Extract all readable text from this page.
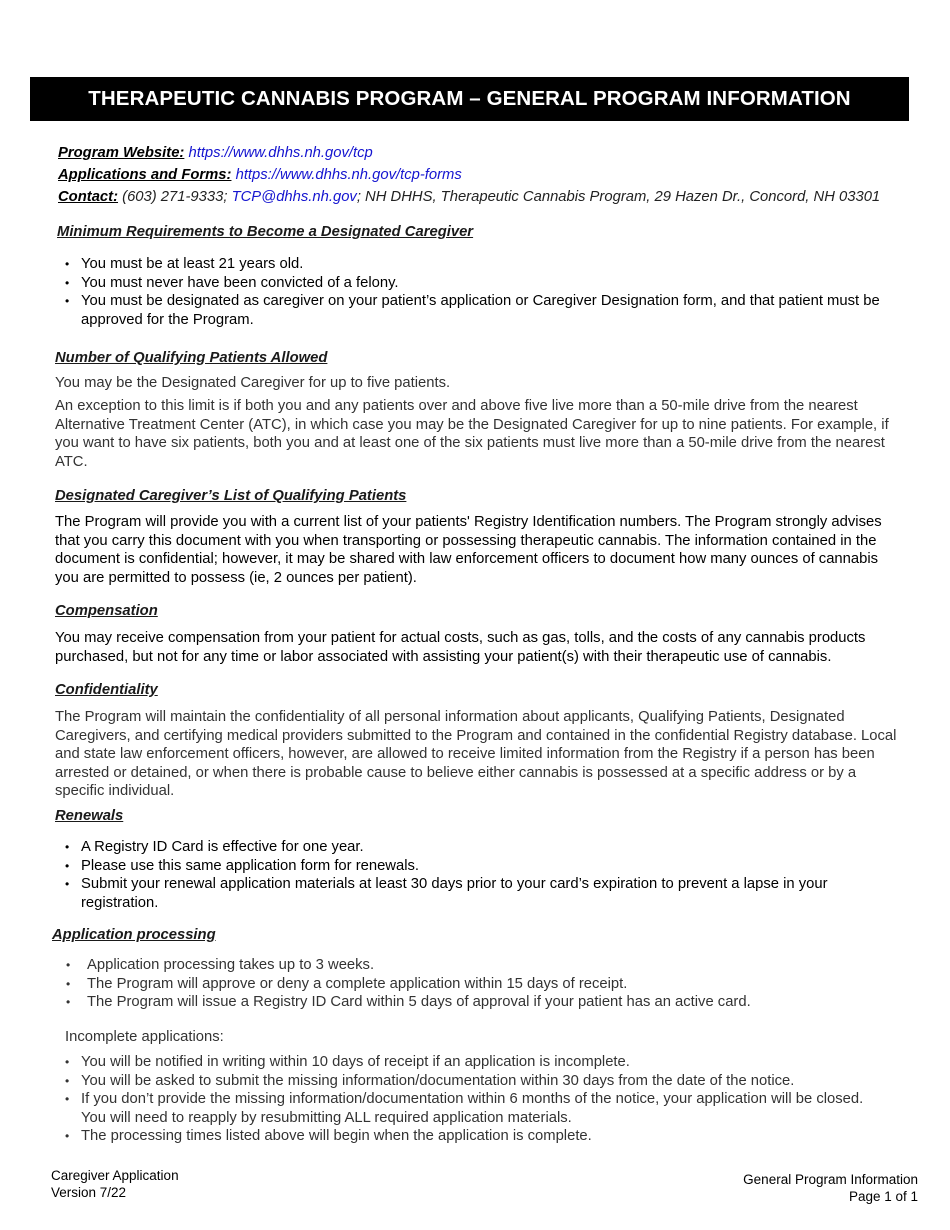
THERAPEUTIC CANNABIS PROGRAM – GENERAL PROGRAM INFORMATION
Program Website: https://www.dhhs.nh.gov/tcp
Applications and Forms: https://www.dhhs.nh.gov/tcp-forms
Contact: (603) 271-9333; TCP@dhhs.nh.gov; NH DHHS, Therapeutic Cannabis Program, 29 Hazen Dr., Concord, NH 03301
Minimum Requirements to Become a Designated Caregiver
• You must be at least 21 years old.
• You must never have been convicted of a felony.
• You must be designated as caregiver on your patient’s application or Caregiver Designation form, and that patient must be approved for the Program.
Number of Qualifying Patients Allowed

You may be the Designated Caregiver for up to five patients.

An exception to this limit is if both you and any patients over and above five live more than a 50-mile drive from the nearest Alternative Treatment Center (ATC), in which case you may be the Designated Caregiver for up to nine patients. For example, if you want to have six patients, both you and at least one of the six patients must live more than a 50-mile drive from the nearest ATC.

Designated Caregiver’s List of Qualifying Patients

The Program will provide you with a current list of your patients' Registry Identification numbers. The Program strongly advises that you carry this document with you when transporting or possessing therapeutic cannabis. The information contained in the document is confidential; however, it may be shared with law enforcement officers to document how many ounces of cannabis you are permitted to possess (ie, 2 ounces per patient).

Compensation

You may receive compensation from your patient for actual costs, such as gas, tolls, and the costs of any cannabis products purchased, but not for any time or labor associated with assisting your patient(s) with their therapeutic use of cannabis.

Confidentiality

The Program will maintain the confidentiality of all personal information about applicants, Qualifying Patients, Designated Caregivers, and certifying medical providers submitted to the Program and contained in the confidential Registry database. Local and state law enforcement officers, however, are allowed to receive limited information from the Registry if a person has been arrested or detained, or when there is probable cause to believe either cannabis is possessed at a specific address or by a specific individual.

Renewals
• A Registry ID Card is effective for one year.
• Please use this same application form for renewals.
• Submit your renewal application materials at least 30 days prior to your card’s expiration to prevent a lapse in your registration.
Application processing
• Application processing takes up to 3 weeks.
• The Program will approve or deny a complete application within 15 days of receipt.
• The Program will issue a Registry ID Card within 5 days of approval if your patient has an active card.

Incomplete applications:

• You will be notified in writing within 10 days of receipt if an application is incomplete.
• You will be asked to submit the missing information/documentation within 30 days from the date of the notice.
• If you don’t provide the missing information/documentation within 6 months of the notice, your application will be closed. You will need to reapply by resubmitting ALL required application materials.
• The processing times listed above will begin when the application is complete.
Caregiver Application
Version 7/22
General Program Information
Page 1 of 1
